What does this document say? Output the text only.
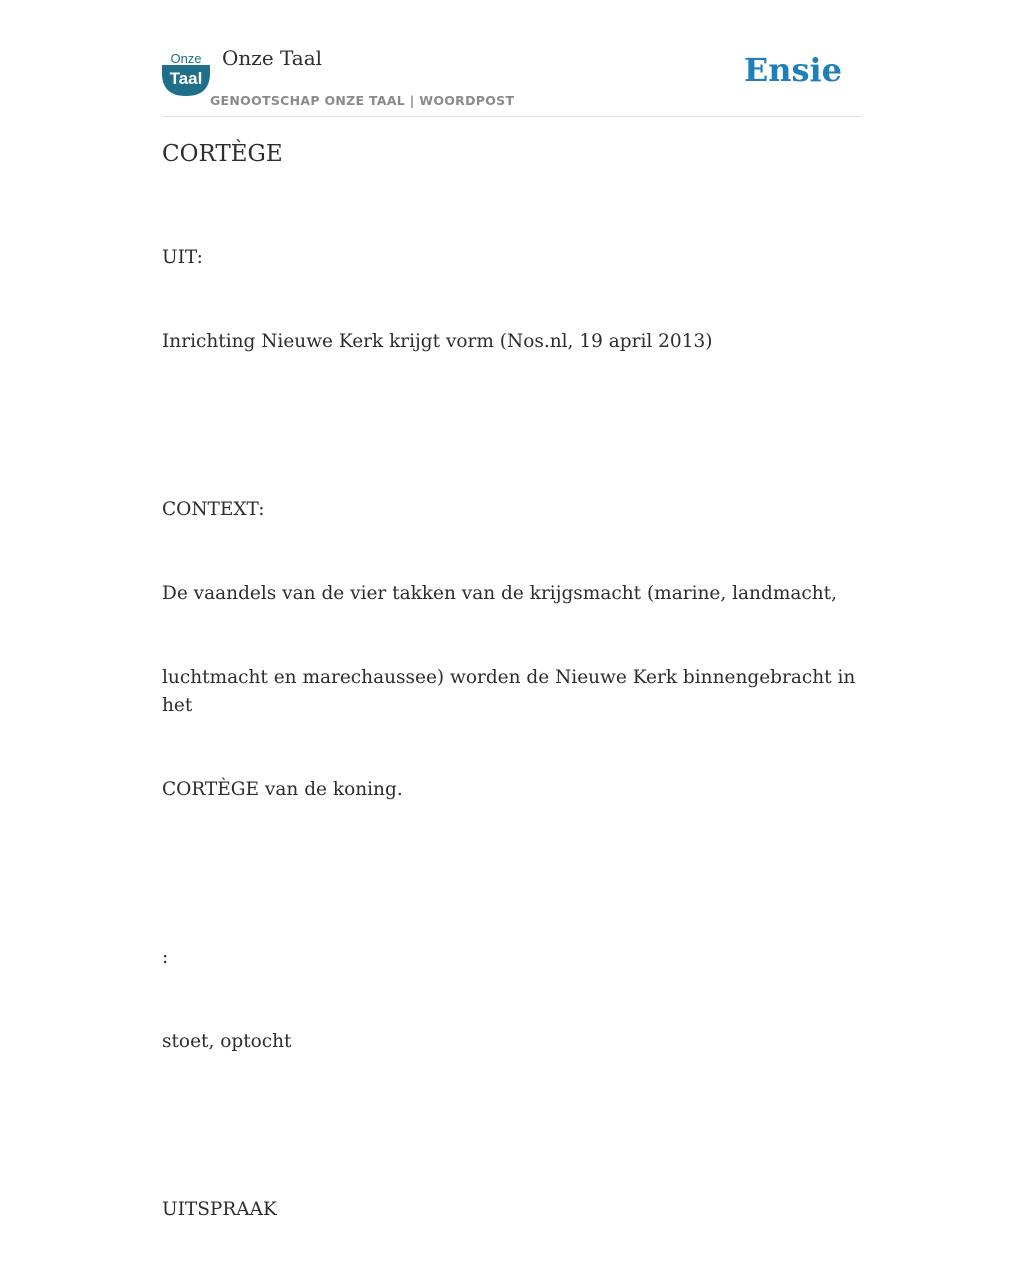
Onze
Taal
Onze Taal
GENOOTSCHAP ONZE TAAL | WOORDPOST
Ensie
CORTÈGE

UIT:

Inrichting Nieuwe Kerk krijgt vorm (Nos.nl, 19 april 2013)

CONTEXT:

De vaandels van de vier takken van de krijgsmacht (marine, landmacht,

luchtmacht en marechaussee) worden de Nieuwe Kerk binnengebracht in het

CORTÈGE van de koning.

:

stoet, optocht

UITSPRAAK
